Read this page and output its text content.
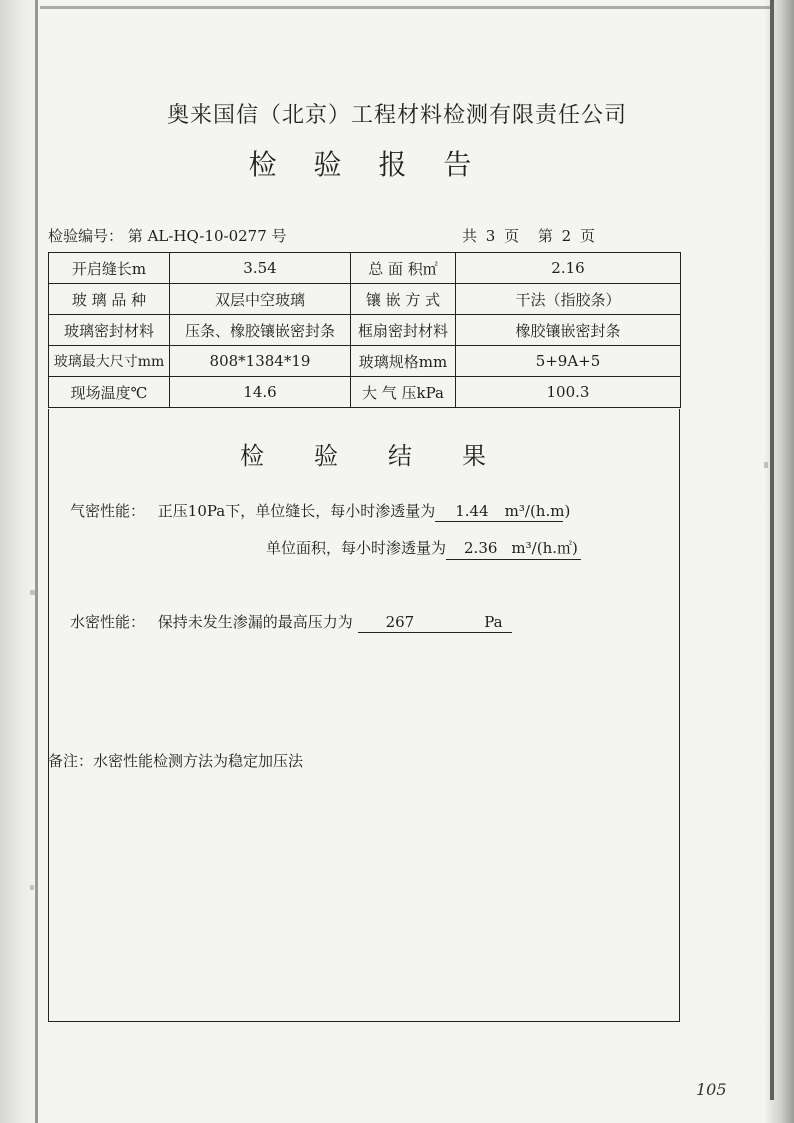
奥来国信（北京）工程材料检测有限责任公司
检 验 报 告
检验编号： 第 AL-HQ-10-0277 号	共 3 页 第 2 页
开启缝长m	3.54	总 面 积㎡	2.16
玻 璃 品 种	双层中空玻璃	镶 嵌 方 式	干法（指胶条）
玻璃密封材料	压条、橡胶镶嵌密封条	框扇密封材料	橡胶镶嵌密封条
玻璃最大尺寸mm	808*1384*19	玻璃规格mm	5+9A+5
现场温度℃	14.6	大 气 压kPa	100.3
检 验 结 果
气密性能： 正压10Pa下，单位缝长，每小时渗透量为 1.44 m³/(h.m)
单位面积，每小时渗透量为 2.36 m³/(h.㎡)
水密性能： 保持未发生渗漏的最高压力为 267	Pa
备注：水密性能检测方法为稳定加压法
105
